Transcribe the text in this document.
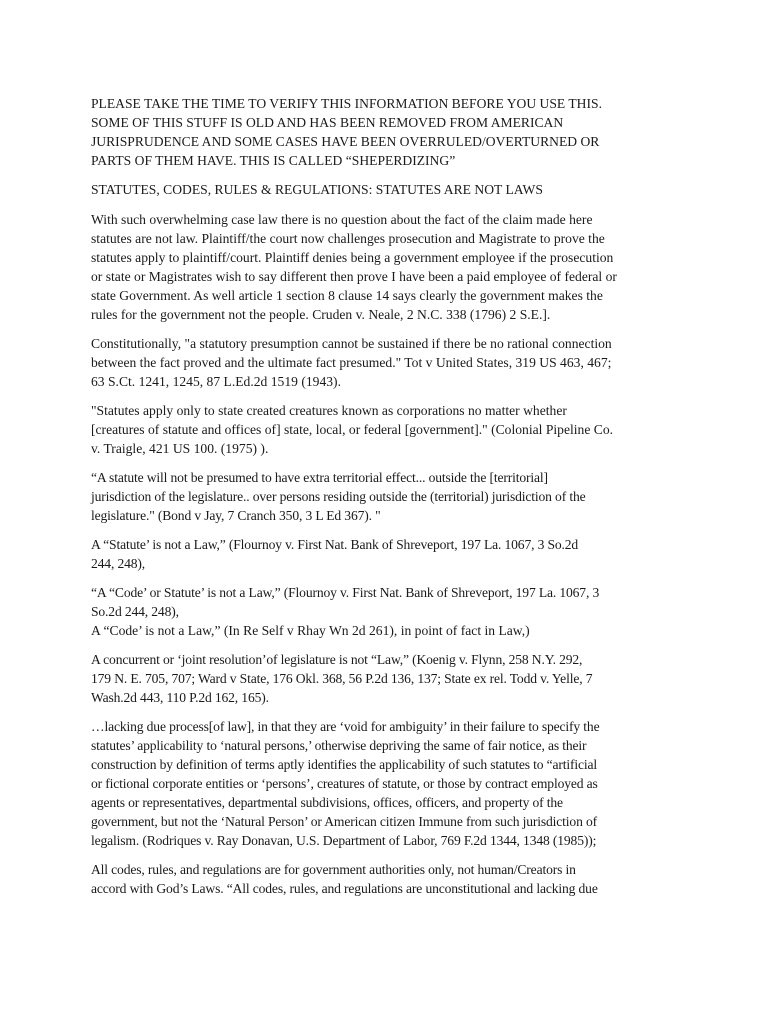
PLEASE TAKE THE TIME TO VERIFY THIS INFORMATION BEFORE YOU USE THIS.
SOME OF THIS STUFF IS OLD AND HAS BEEN REMOVED FROM AMERICAN
JURISPRUDENCE AND SOME CASES HAVE BEEN OVERRULED/OVERTURNED OR
PARTS OF THEM HAVE. THIS IS CALLED “SHEPERDIZING”

STATUTES, CODES, RULES & REGULATIONS: STATUTES ARE NOT LAWS

With such overwhelming case law there is no question about the fact of the claim made here
statutes are not law. Plaintiff/the court now challenges prosecution and Magistrate to prove the
statutes apply to plaintiff/court. Plaintiff denies being a government employee if the prosecution
or state or Magistrates wish to say different then prove I have been a paid employee of federal or
state Government. As well article 1 section 8 clause 14 says clearly the government makes the
rules for the government not the people. Cruden v. Neale, 2 N.C. 338 (1796) 2 S.E.].

Constitutionally, "a statutory presumption cannot be sustained if there be no rational connection
between the fact proved and the ultimate fact presumed." Tot v United States, 319 US 463, 467;
63 S.Ct. 1241, 1245, 87 L.Ed.2d 1519 (1943).

"Statutes apply only to state created creatures known as corporations no matter whether
[creatures of statute and offices of] state, local, or federal [government]." (Colonial Pipeline Co.
v. Traigle, 421 US 100. (1975) ).

“A statute will not be presumed to have extra territorial effect... outside the [territorial]
jurisdiction of the legislature.. over persons residing outside the (territorial) jurisdiction of the
legislature." (Bond v Jay, 7 Cranch 350, 3 L Ed 367). "

A “Statute’ is not a Law,” (Flournoy v. First Nat. Bank of Shreveport, 197 La. 1067, 3 So.2d
244, 248),

“A “Code’ or Statute’ is not a Law,” (Flournoy v. First Nat. Bank of Shreveport, 197 La. 1067, 3
So.2d 244, 248),

A “Code’ is not a Law,” (In Re Self v Rhay Wn 2d 261), in point of fact in Law,)

A concurrent or ‘joint resolution’of legislature is not “Law,” (Koenig v. Flynn, 258 N.Y. 292,
179 N. E. 705, 707; Ward v State, 176 Okl. 368, 56 P.2d 136, 137; State ex rel. Todd v. Yelle, 7
Wash.2d 443, 110 P.2d 162, 165).

…lacking due process[of law], in that they are ‘void for ambiguity’ in their failure to specify the
statutes’ applicability to ‘natural persons,’ otherwise depriving the same of fair notice, as their
construction by definition of terms aptly identifies the applicability of such statutes to “artificial
or fictional corporate entities or ‘persons’, creatures of statute, or those by contract employed as
agents or representatives, departmental subdivisions, offices, officers, and property of the
government, but not the ‘Natural Person’ or American citizen Immune from such jurisdiction of
legalism. (Rodriques v. Ray Donavan, U.S. Department of Labor, 769 F.2d 1344, 1348 (1985));

All codes, rules, and regulations are for government authorities only, not human/Creators in
accord with God’s Laws. “All codes, rules, and regulations are unconstitutional and lacking due
